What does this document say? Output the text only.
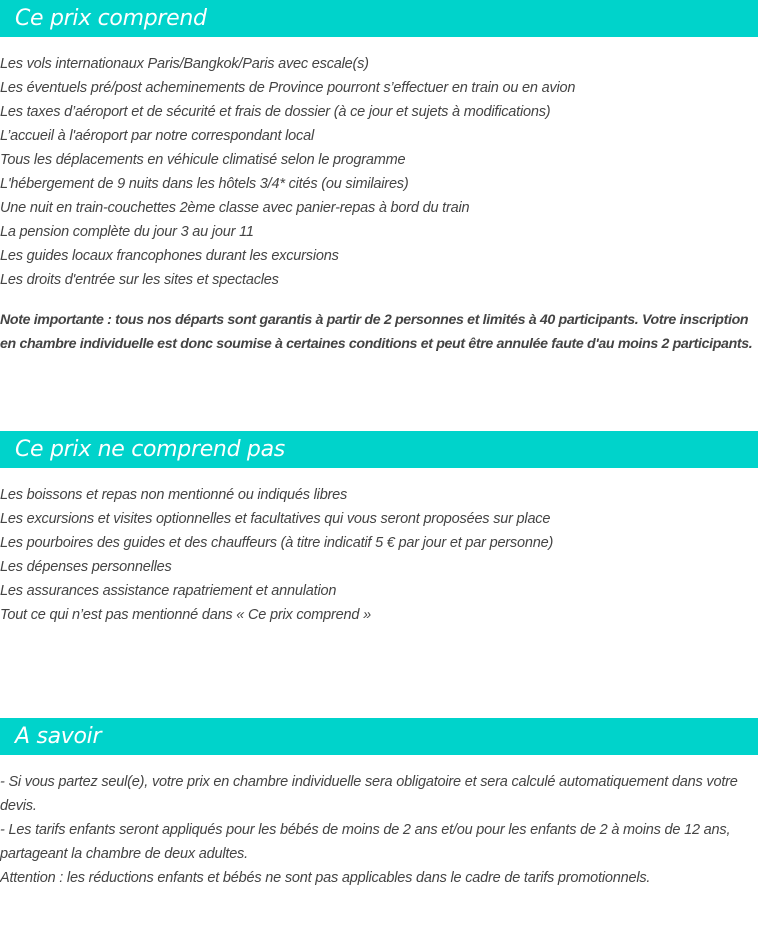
Ce prix comprend
Les vols internationaux Paris/Bangkok/Paris avec escale(s)
Les éventuels pré/post acheminements de Province pourront s’effectuer en train ou en avion
Les taxes d’aéroport et de sécurité et frais de dossier (à ce jour et sujets à modifications)
L’accueil à l'aéroport par notre correspondant local
Tous les déplacements en véhicule climatisé selon le programme
L'hébergement de 9 nuits dans les hôtels 3/4* cités (ou similaires)
Une nuit en train-couchettes 2ème classe avec panier-repas à bord du train
La pension complète du jour 3 au jour 11
Les guides locaux francophones durant les excursions
Les droits d'entrée sur les sites et spectacles

Note importante : tous nos départs sont garantis à partir de 2 personnes et limités à 40 participants. Votre inscription en chambre individuelle est donc soumise à certaines conditions et peut être annulée faute d'au moins 2 participants.

Ce prix ne comprend pas
Les boissons et repas non mentionné ou indiqués libres
Les excursions et visites optionnelles et facultatives qui vous seront proposées sur place
Les pourboires des guides et des chauffeurs (à titre indicatif 5 € par jour et par personne)
Les dépenses personnelles
Les assurances assistance rapatriement et annulation
Tout ce qui n’est pas mentionné dans « Ce prix comprend »
A savoir

- Si vous partez seul(e), votre prix en chambre individuelle sera obligatoire et sera calculé automatiquement dans votre devis.

- Les tarifs enfants seront appliqués pour les bébés de moins de 2 ans et/ou pour les enfants de 2 à moins de 12 ans, partageant la chambre de deux adultes.

Attention : les réductions enfants et bébés ne sont pas applicables dans le cadre de tarifs promotionnels.
